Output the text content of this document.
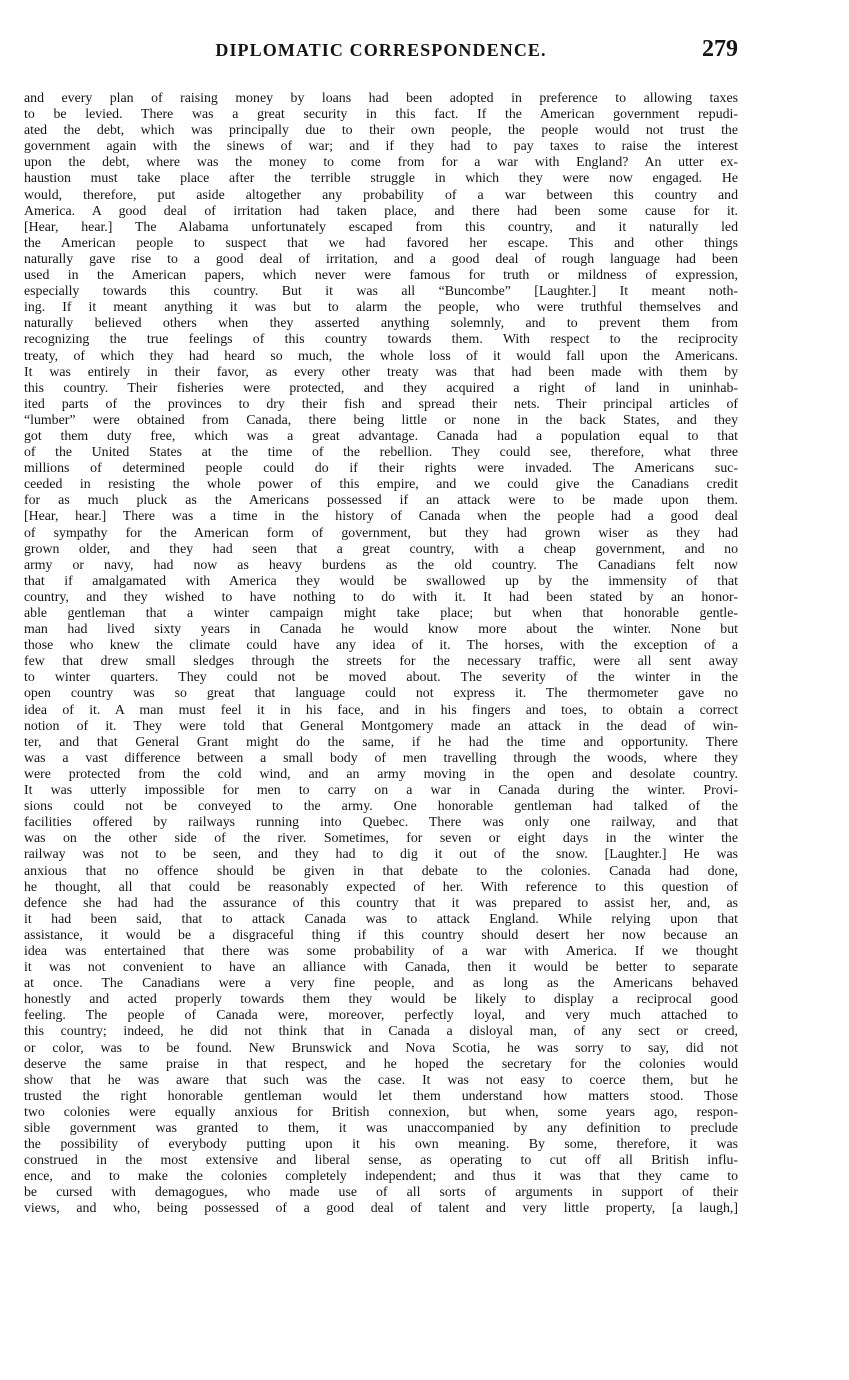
DIPLOMATIC CORRESPONDENCE.	279
and every plan of raising money by loans had been adopted in preference to allowing taxes
to be levied. There was a great security in this fact. If the American government repudi-
ated the debt, which was principally due to their own people, the people would not trust the
government again with the sinews of war; and if they had to pay taxes to raise the interest
upon the debt, where was the money to come from for a war with England? An utter ex-
haustion must take place after the terrible struggle in which they were now engaged. He
would, therefore, put aside altogether any probability of a war between this country and
America. A good deal of irritation had taken place, and there had been some cause for it.
[Hear, hear.] The Alabama unfortunately escaped from this country, and it naturally led
the American people to suspect that we had favored her escape. This and other things
naturally gave rise to a good deal of irritation, and a good deal of rough language had been
used in the American papers, which never were famous for truth or mildness of expression,
especially towards this country. But it was all “Buncombe” [Laughter.] It meant noth-
ing. If it meant anything it was but to alarm the people, who were truthful themselves and
naturally believed others when they asserted anything solemnly, and to prevent them from
recognizing the true feelings of this country towards them. With respect to the reciprocity
treaty, of which they had heard so much, the whole loss of it would fall upon the Americans.
It was entirely in their favor, as every other treaty was that had been made with them by
this country. Their fisheries were protected, and they acquired a right of land in uninhab-
ited parts of the provinces to dry their fish and spread their nets. Their principal articles of
“lumber” were obtained from Canada, there being little or none in the back States, and they
got them duty free, which was a great advantage. Canada had a population equal to that
of the United States at the time of the rebellion. They could see, therefore, what three
millions of determined people could do if their rights were invaded. The Americans suc-
ceeded in resisting the whole power of this empire, and we could give the Canadians credit
for as much pluck as the Americans possessed if an attack were to be made upon them.
[Hear, hear.] There was a time in the history of Canada when the people had a good deal
of sympathy for the American form of government, but they had grown wiser as they had
grown older, and they had seen that a great country, with a cheap government, and no
army or navy, had now as heavy burdens as the old country. The Canadians felt now
that if amalgamated with America they would be swallowed up by the immensity of that
country, and they wished to have nothing to do with it. It had been stated by an honor-
able gentleman that a winter campaign might take place; but when that honorable gentle-
man had lived sixty years in Canada he would know more about the winter. None but
those who knew the climate could have any idea of it. The horses, with the exception of a
few that drew small sledges through the streets for the necessary traffic, were all sent away
to winter quarters. They could not be moved about. The severity of the winter in the
open country was so great that language could not express it. The thermometer gave no
idea of it. A man must feel it in his face, and in his fingers and toes, to obtain a correct
notion of it. They were told that General Montgomery made an attack in the dead of win-
ter, and that General Grant might do the same, if he had the time and opportunity. There
was a vast difference between a small body of men travelling through the woods, where they
were protected from the cold wind, and an army moving in the open and desolate country.
It was utterly impossible for men to carry on a war in Canada during the winter. Provi-
sions could not be conveyed to the army. One honorable gentleman had talked of the
facilities offered by railways running into Quebec. There was only one railway, and that
was on the other side of the river. Sometimes, for seven or eight days in the winter the
railway was not to be seen, and they had to dig it out of the snow. [Laughter.] He was
anxious that no offence should be given in that debate to the colonies. Canada had done,
he thought, all that could be reasonably expected of her. With reference to this question of
defence she had had the assurance of this country that it was prepared to assist her, and, as
it had been said, that to attack Canada was to attack England. While relying upon that
assistance, it would be a disgraceful thing if this country should desert her now because an
idea was entertained that there was some probability of a war with America. If we thought
it was not convenient to have an alliance with Canada, then it would be better to separate
at once. The Canadians were a very fine people, and as long as the Americans behaved
honestly and acted properly towards them they would be likely to display a reciprocal good
feeling. The people of Canada were, moreover, perfectly loyal, and very much attached to
this country; indeed, he did not think that in Canada a disloyal man, of any sect or creed,
or color, was to be found. New Brunswick and Nova Scotia, he was sorry to say, did not
deserve the same praise in that respect, and he hoped the secretary for the colonies would
show that he was aware that such was the case. It was not easy to coerce them, but he
trusted the right honorable gentleman would let them understand how matters stood. Those
two colonies were equally anxious for British connexion, but when, some years ago, respon-
sible government was granted to them, it was unaccompanied by any definition to preclude
the possibility of everybody putting upon it his own meaning. By some, therefore, it was
construed in the most extensive and liberal sense, as operating to cut off all British influ-
ence, and to make the colonies completely independent; and thus it was that they came to
be cursed with demagogues, who made use of all sorts of arguments in support of their
views, and who, being possessed of a good deal of talent and very little property, [a laugh,]
